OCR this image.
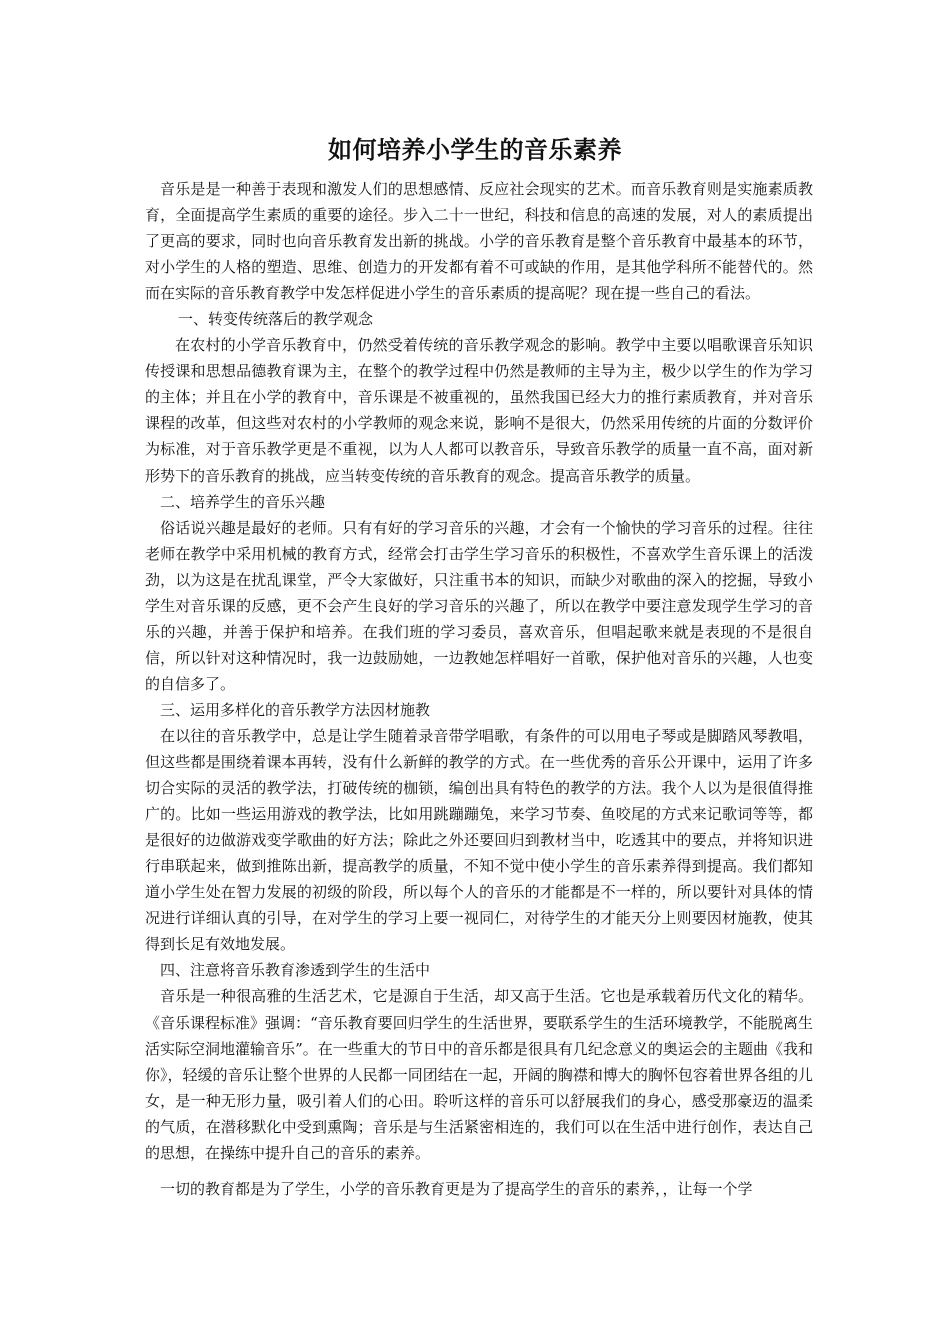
如何培养小学生的音乐素养

音乐是是一种善于表现和激发人们的思想感情、反应社会现实的艺术。而音乐教育则是实施素质教育，全面提高学生素质的重要的途径。步入二十一世纪，科技和信息的高速的发展，对人的素质提出了更高的要求，同时也向音乐教育发出新的挑战。小学的音乐教育是整个音乐教育中最基本的环节，对小学生的人格的塑造、思维、创造力的开发都有着不可或缺的作用，是其他学科所不能替代的。然而在实际的音乐教育教学中发怎样促进小学生的音乐素质的提高呢？现在提一些自己的看法。

一、转变传统落后的教学观念

在农村的小学音乐教育中，仍然受着传统的音乐教学观念的影响。教学中主要以唱歌课音乐知识传授课和思想品德教育课为主，在整个的教学过程中仍然是教师的主导为主，极少以学生的作为学习的主体；并且在小学的教育中，音乐课是不被重视的，虽然我国已经大力的推行素质教育，并对音乐课程的改革，但这些对农村的小学教师的观念来说，影响不是很大，仍然采用传统的片面的分数评价为标准，对于音乐教学更是不重视，以为人人都可以教音乐，导致音乐教学的质量一直不高，面对新形势下的音乐教育的挑战，应当转变传统的音乐教育的观念。提高音乐教学的质量。

二、培养学生的音乐兴趣

俗话说兴趣是最好的老师。只有有好的学习音乐的兴趣，才会有一个愉快的学习音乐的过程。往往老师在教学中采用机械的教育方式，经常会打击学生学习音乐的积极性，不喜欢学生音乐课上的活泼劲，以为这是在扰乱课堂，严令大家做好，只注重书本的知识，而缺少对歌曲的深入的挖掘，导致小学生对音乐课的反感，更不会产生良好的学习音乐的兴趣了，所以在教学中要注意发现学生学习的音乐的兴趣，并善于保护和培养。在我们班的学习委员，喜欢音乐，但唱起歌来就是表现的不是很自信，所以针对这种情况时，我一边鼓励她，一边教她怎样唱好一首歌，保护他对音乐的兴趣，人也变的自信多了。

三、运用多样化的音乐教学方法因材施教

在以往的音乐教学中，总是让学生随着录音带学唱歌，有条件的可以用电子琴或是脚踏风琴教唱，但这些都是围绕着课本再转，没有什么新鲜的教学的方式。在一些优秀的音乐公开课中，运用了许多切合实际的灵活的教学法，打破传统的枷锁，编创出具有特色的教学的方法。我个人以为是很值得推广的。比如一些运用游戏的教学法，比如用跳蹦蹦兔，来学习节奏、鱼咬尾的方式来记歌词等等，都是很好的边做游戏变学歌曲的好方法；除此之外还要回归到教材当中，吃透其中的要点，并将知识进行串联起来，做到推陈出新，提高教学的质量，不知不觉中使小学生的音乐素养得到提高。我们都知道小学生处在智力发展的初级的阶段，所以每个人的音乐的才能都是不一样的，所以要针对具体的情况进行详细认真的引导，在对学生的学习上要一视同仁，对待学生的才能天分上则要因材施教，使其得到长足有效地发展。

四、注意将音乐教育渗透到学生的生活中

音乐是一种很高雅的生活艺术，它是源自于生活，却又高于生活。它也是承载着历代文化的精华。《音乐课程标准》强调：“音乐教育要回归学生的生活世界，要联系学生的生活环境教学，不能脱离生活实际空洞地灌输音乐”。在一些重大的节日中的音乐都是很具有几纪念意义的奥运会的主题曲《我和你》，轻缓的音乐让整个世界的人民都一同团结在一起，开阔的胸襟和博大的胸怀包容着世界各组的儿女，是一种无形力量，吸引着人们的心田。聆听这样的音乐可以舒展我们的身心，感受那豪迈的温柔的气质，在潜移默化中受到熏陶；音乐是与生活紧密相连的，我们可以在生活中进行创作，表达自己的思想，在操练中提升自己的音乐的素养。

一切的教育都是为了学生，小学的音乐教育更是为了提高学生的音乐的素养，，让每一个学
